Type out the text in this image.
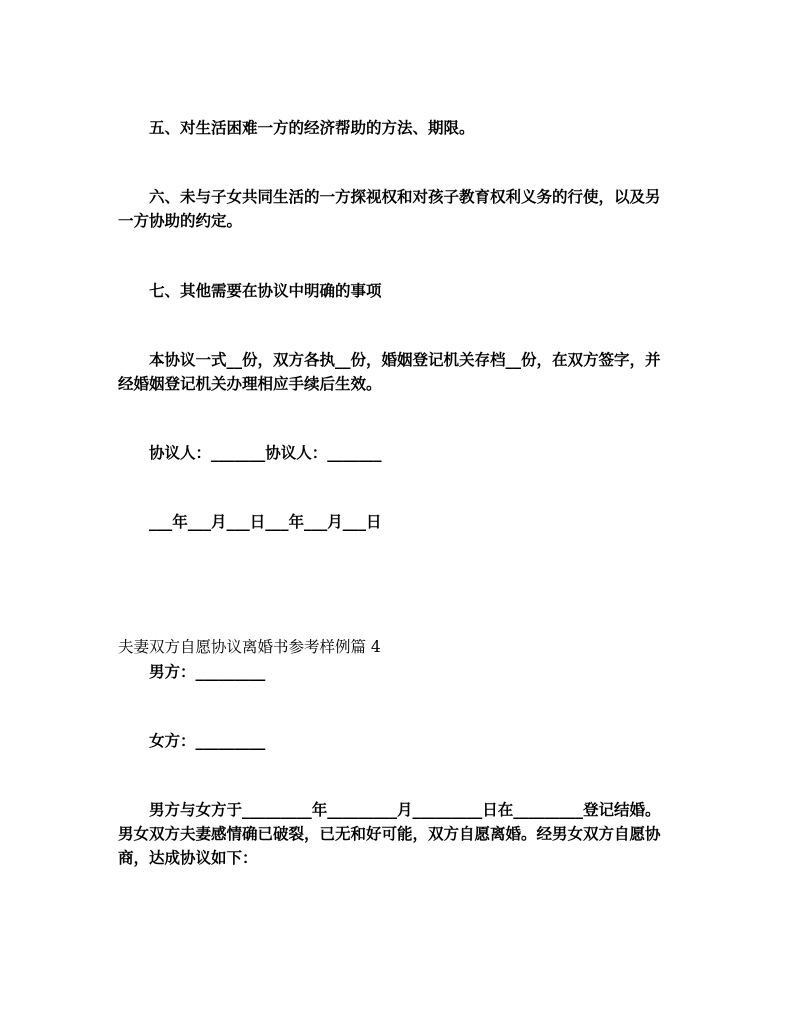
五、对生活困难一方的经济帮助的方法、期限。
六、未与子女共同生活的一方探视权和对孩子教育权利义务的行使，以及另
一方协助的约定。
七、其他需要在协议中明确的事项
本协议一式__份，双方各执__份，婚姻登记机关存档__份，在双方签字，并
经婚姻登记机关办理相应手续后生效。
协议人：_______协议人：_______
___年___月___日___年___月___日
夫妻双方自愿协议离婚书参考样例篇 4
男方：_________
女方：_________
男方与女方于_________年_________月_________日在_________登记结婚。
男女双方夫妻感情确已破裂，已无和好可能，双方自愿离婚。经男女双方自愿协
商，达成协议如下：
